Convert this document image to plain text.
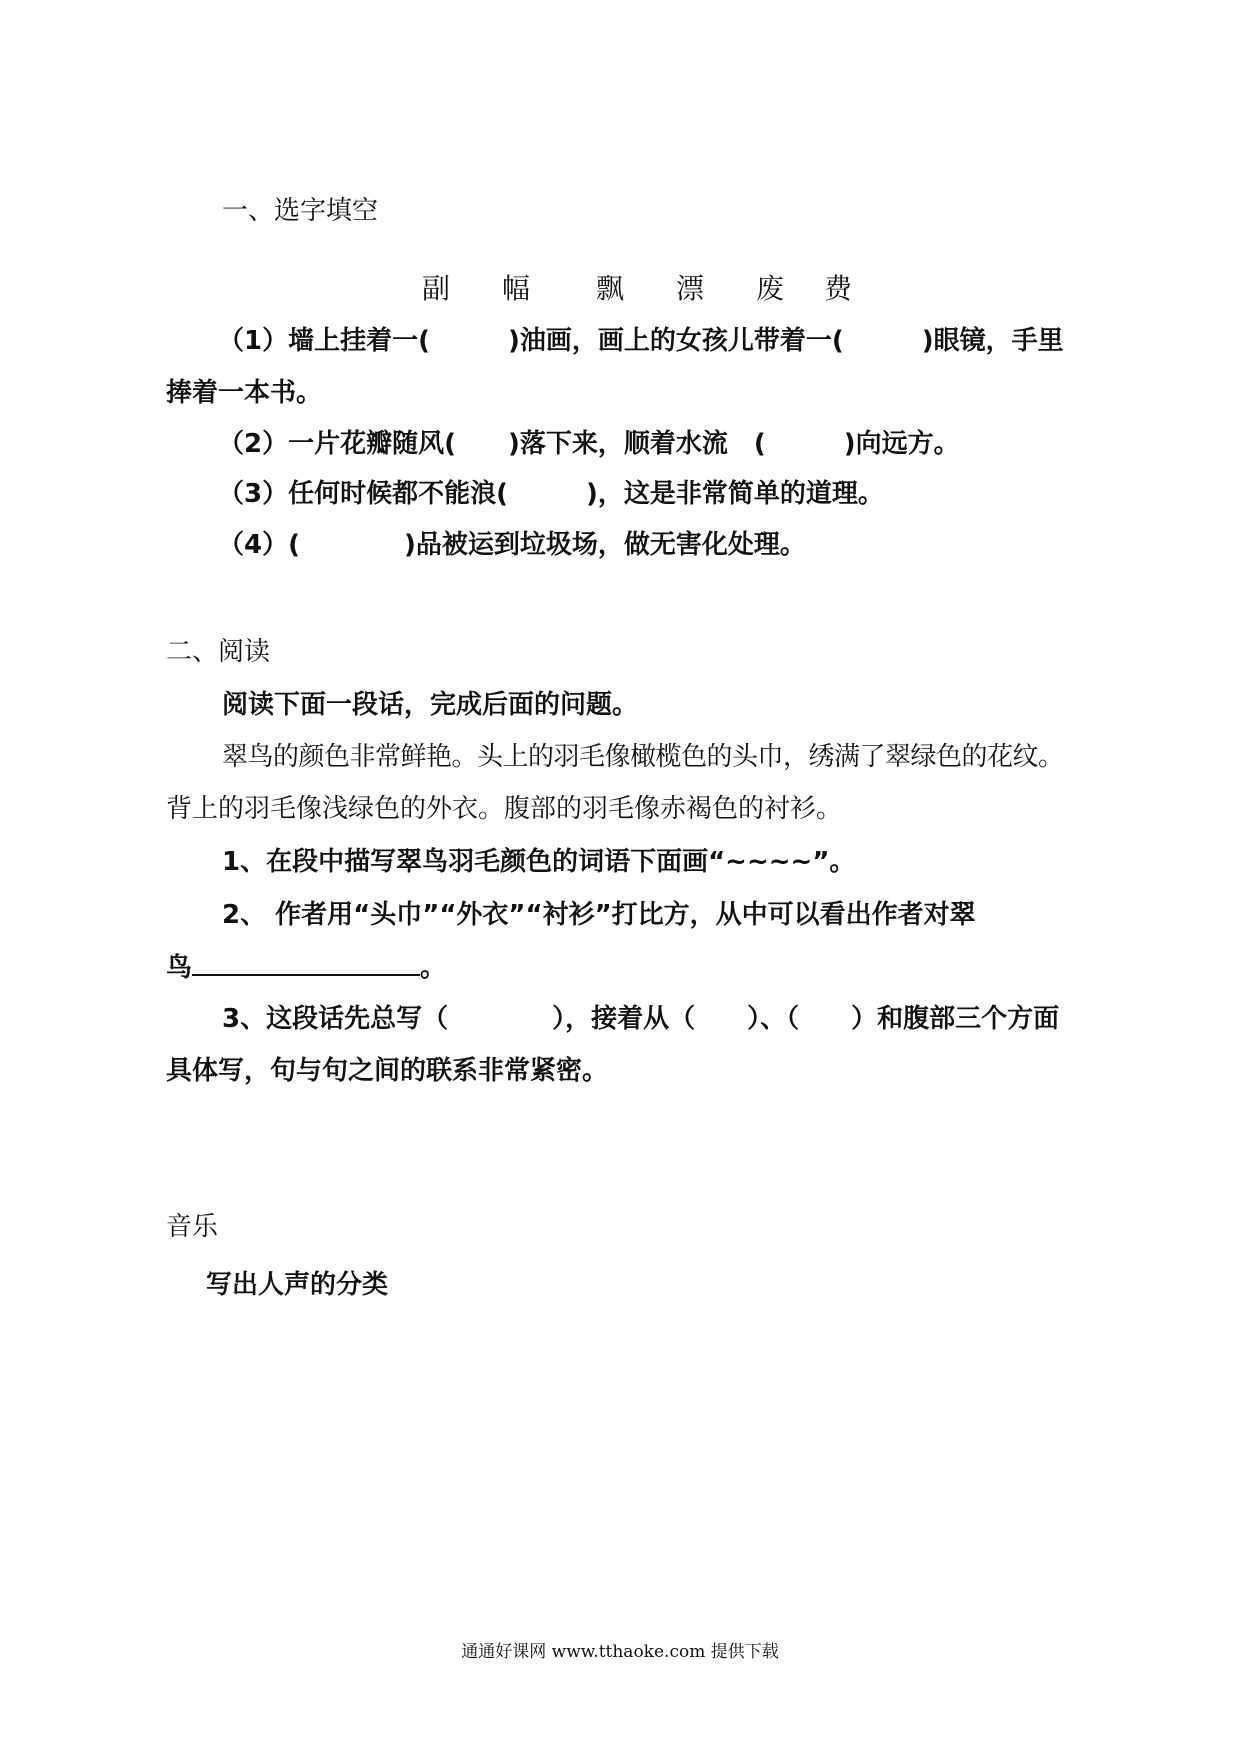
一、选字填空
副 幅 飘 漂 废 费
（1）墙上挂着一(　　　)油画，画上的女孩儿带着一(　　　)眼镜，手里
捧着一本书。
（2）一片花瓣随风(　　)落下来，顺着水流　(　　　)向远方。
（3）任何时候都不能浪(　　　)，这是非常简单的道理。
（4）(　　　　)品被运到垃圾场，做无害化处理。
二、阅读
阅读下面一段话，完成后面的问题。
翠鸟的颜色非常鲜艳。头上的羽毛像橄榄色的头巾，绣满了翠绿色的花纹。
背上的羽毛像浅绿色的外衣。腹部的羽毛像赤褐色的衬衫。
1、在段中描写翠鸟羽毛颜色的词语下面画“~~~~”。
2、 作者用“头巾”“外衣”“衬衫”打比方，从中可以看出作者对翠
鸟	。
3、这段话先总写（　　　　），接着从（　　）、（　　）和腹部三个方面
具体写，句与句之间的联系非常紧密。
音乐
写出人声的分类
通通好课网 www.tthaoke.com 提供下载
